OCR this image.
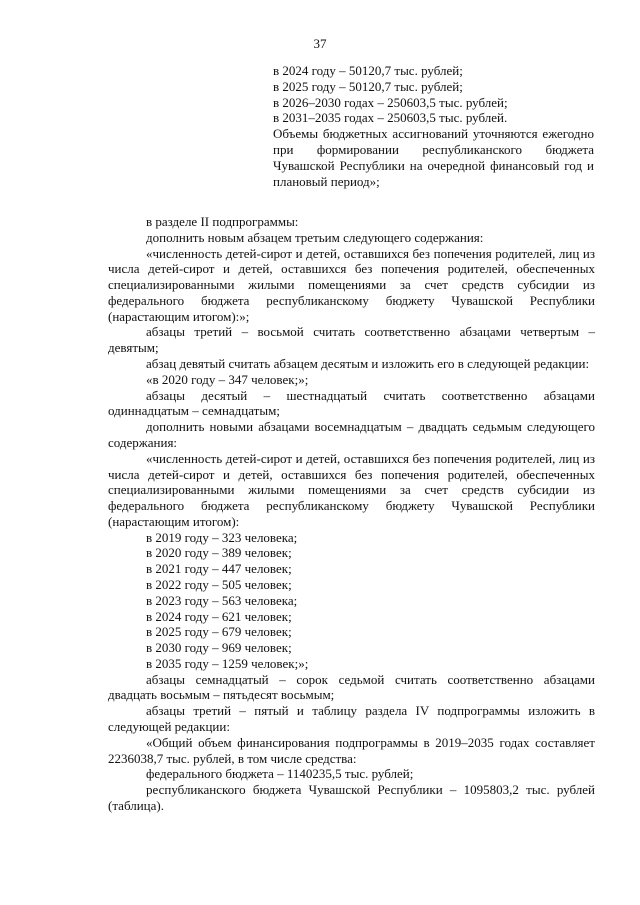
37

в 2024 году – 50120,7 тыс. рублей;

в 2025 году – 50120,7 тыс. рублей;

в 2026–2030 годах – 250603,5 тыс. рублей;

в 2031–2035 годах – 250603,5 тыс. рублей.

Объемы бюджетных ассигнований уточняются ежегодно при формировании республиканского бюджета Чувашской Республики на очередной финансовый год и плановый период»;

в разделе II подпрограммы:

дополнить новым абзацем третьим следующего содержания:

«численность детей-сирот и детей, оставшихся без попечения родителей, лиц из числа детей-сирот и детей, оставшихся без попечения родителей, обеспеченных специализированными жилыми помещениями за счет средств субсидии из федерального бюджета республиканскому бюджету Чувашской Республики (нарастающим итогом):»;

абзацы третий – восьмой считать соответственно абзацами четвертым – девятым;

абзац девятый считать абзацем десятым и изложить его в следующей редакции:

«в 2020 году – 347 человек;»;

абзацы десятый – шестнадцатый считать соответственно абзацами одиннадцатым – семнадцатым;

дополнить новыми абзацами восемнадцатым – двадцать седьмым следующего содержания:

«численность детей-сирот и детей, оставшихся без попечения родителей, лиц из числа детей-сирот и детей, оставшихся без попечения родителей, обеспеченных специализированными жилыми помещениями за счет средств субсидии из федерального бюджета республиканскому бюджету Чувашской Республики (нарастающим итогом):

в 2019 году – 323 человека;

в 2020 году – 389 человек;

в 2021 году – 447 человек;

в 2022 году – 505 человек;

в 2023 году – 563 человека;

в 2024 году – 621 человек;

в 2025 году – 679 человек;

в 2030 году – 969 человек;

в 2035 году – 1259 человек;»;

абзацы семнадцатый – сорок седьмой считать соответственно абзацами двадцать восьмым – пятьдесят восьмым;

абзацы третий – пятый и таблицу раздела IV подпрограммы изложить в следующей редакции:

«Общий объем финансирования подпрограммы в 2019–2035 годах составляет 2236038,7 тыс. рублей, в том числе средства:

федерального бюджета – 1140235,5 тыс. рублей;

республиканского бюджета Чувашской Республики – 1095803,2 тыс. рублей (таблица).
